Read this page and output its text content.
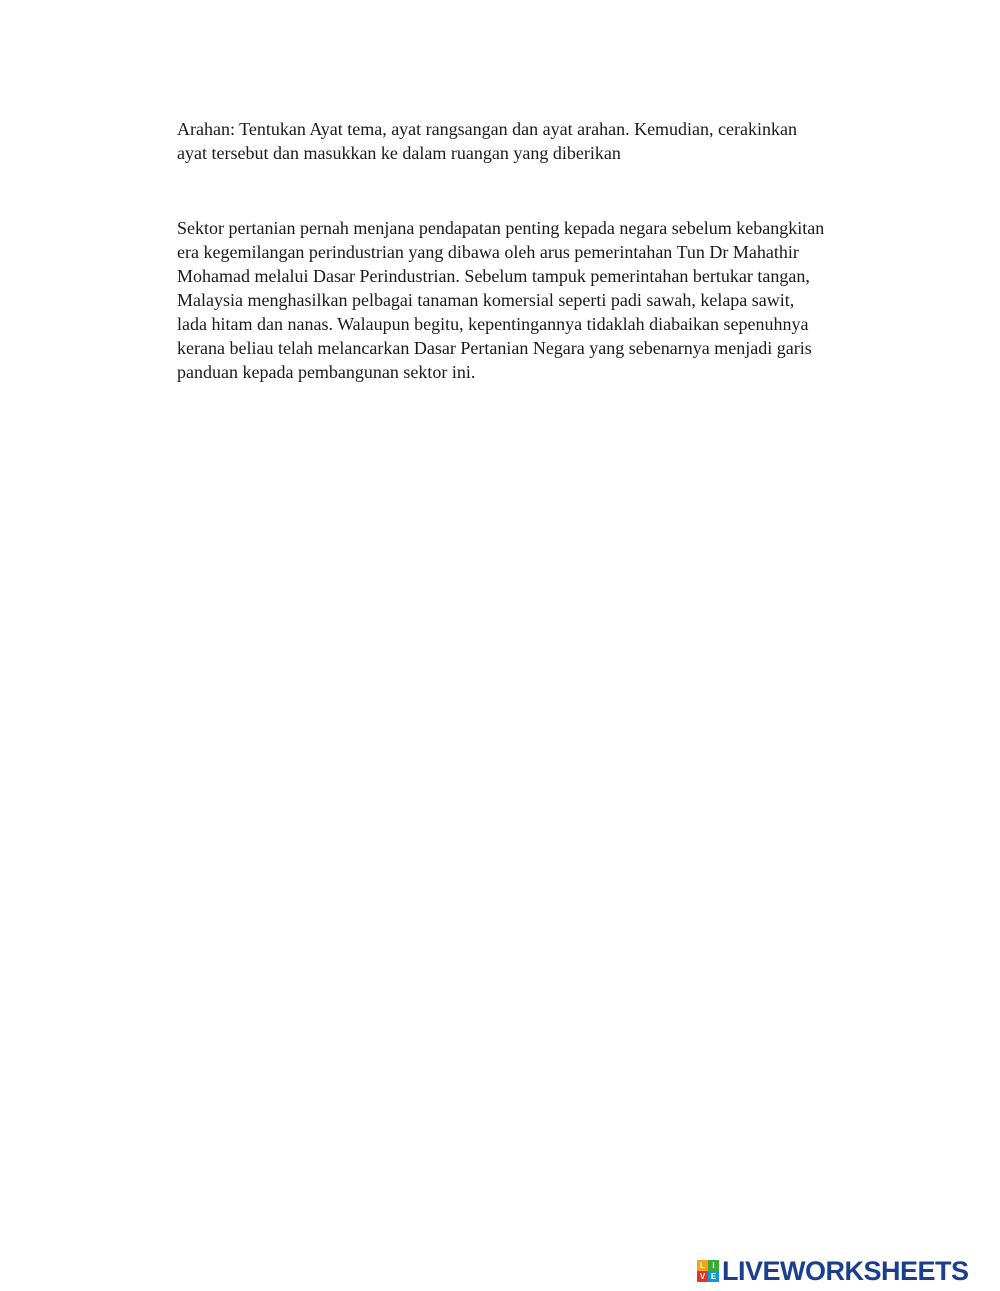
Arahan: Tentukan Ayat tema, ayat rangsangan dan ayat arahan. Kemudian, cerakinkan
ayat tersebut dan masukkan ke dalam ruangan yang diberikan

Sektor pertanian pernah menjana pendapatan penting kepada negara sebelum kebangkitan
era kegemilangan perindustrian yang dibawa oleh arus pemerintahan Tun Dr Mahathir
Mohamad melalui Dasar Perindustrian. Sebelum tampuk pemerintahan bertukar tangan,
Malaysia menghasilkan pelbagai tanaman komersial seperti padi sawah, kelapa sawit,
lada hitam dan nanas. Walaupun begitu, kepentingannya tidaklah diabaikan sepenuhnya
kerana beliau telah melancarkan Dasar Pertanian Negara yang sebenarnya menjadi garis
panduan kepada pembangunan sektor ini.

L I
V E LIVEWORKSHEETS
